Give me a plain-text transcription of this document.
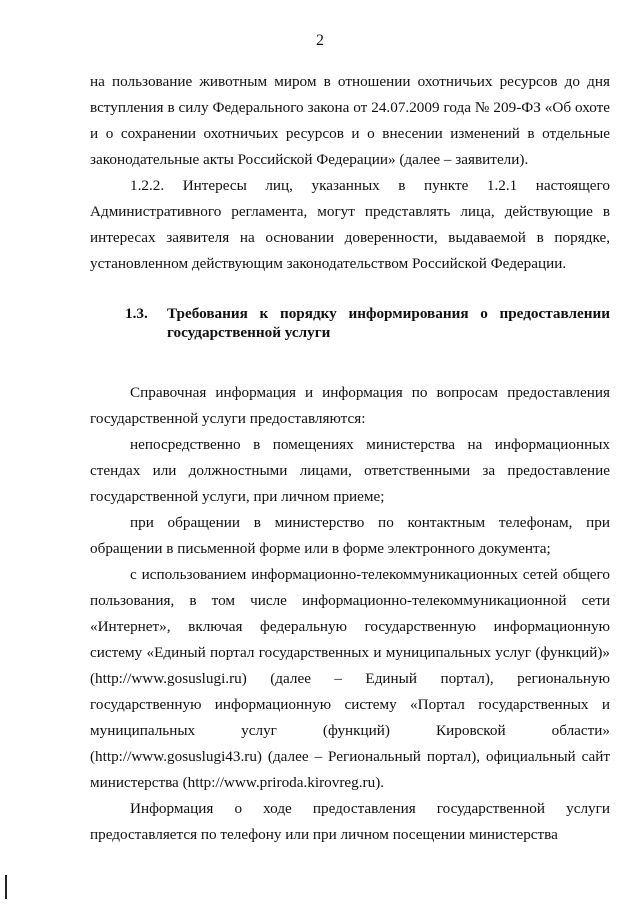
2

на пользование животным миром в отношении охотничьих ресурсов до дня вступления в силу Федерального закона от 24.07.2009 года № 209-ФЗ «Об охоте и о сохранении охотничьих ресурсов и о внесении изменений в отдельные законодательные акты Российской Федерации» (далее – заявители).

1.2.2. Интересы лиц, указанных в пункте 1.2.1 настоящего Административного регламента, могут представлять лица, действующие в интересах заявителя на основании доверенности, выдаваемой в порядке, установленном действующим законодательством Российской Федерации.

1.3.	Требования к порядку информирования о предоставлении государственной услуги

Справочная информация и информация по вопросам предоставления государственной услуги предоставляются:

непосредственно в помещениях министерства на информационных стендах или должностными лицами, ответственными за предоставление государственной услуги, при личном приеме;

при обращении в министерство по контактным телефонам, при обращении в письменной форме или в форме электронного документа;

с использованием информационно-телекоммуникационных сетей общего пользования, в том числе информационно-телекоммуникационной сети «Интернет», включая федеральную государственную информационную систему «Единый портал государственных и муниципальных услуг (функций)» (http://www.gosuslugi.ru) (далее – Единый портал), региональную государственную информационную систему «Портал государственных и муниципальных услуг (функций) Кировской области» (http://www.gosuslugi43.ru) (далее – Региональный портал), официальный сайт министерства (http://www.priroda.kirovreg.ru).

Информация о ходе предоставления государственной услуги предоставляется по телефону или при личном посещении министерства
